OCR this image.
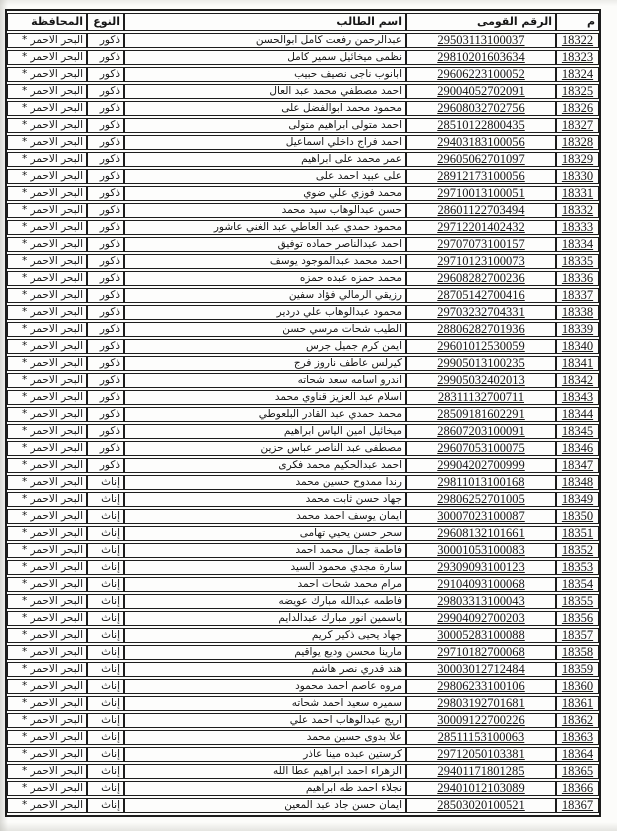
م	الرقم القومى	اسم الطالب	النوع	المحافظة
18322	29503113100037	عبدالرحمن رفعت كامل ابوالحسن	ذكور	البحر الاحمر *
18323	29810201603634	نظمى ميخائيل سمير كامل	ذكور	البحر الاحمر *
18324	29606223100052	ابانوب ناجى نصيف حبيب	ذكور	البحر الاحمر *
18325	29004052702091	احمد مصطفي محمد عبد العال	ذكور	البحر الاحمر *
18326	29608032702756	محمود محمد ابوالفضل على	ذكور	البحر الاحمر *
18327	28510122800435	احمد متولى ابراهيم متولى	ذكور	البحر الاحمر *
18328	29403183100056	احمد فراج داخلي اسماعيل	ذكور	البحر الاحمر *
18329	29605062701097	عمر محمد على ابراهيم	ذكور	البحر الاحمر *
18330	28912173100056	على عبيد احمد على	ذكور	البحر الاحمر *
18331	29710013100051	محمد فوزي علي ضوي	ذكور	البحر الاحمر *
18332	28601122703494	حسن عبدالوهاب سيد محمد	ذكور	البحر الاحمر *
18333	29712201402432	محمود حمدي عبد العاطي عبد الغني عاشور	ذكور	البحر الاحمر *
18334	29707073100157	احمد عبدالناصر حماده توفيق	ذكور	البحر الاحمر *
18335	29710123100073	احمد محمد عبدالموجود يوسف	ذكور	البحر الاحمر *
18336	29608282700236	محمد حمزه عبده حمزه	ذكور	البحر الاحمر *
18337	28705142700416	رزيقي الرمالي فؤاد سفين	ذكور	البحر الاحمر *
18338	29703232704331	محمود عبدالوهاب علي دردير	ذكور	البحر الاحمر *
18339	28806282701936	الطيب شحات مرسي حسن	ذكور	البحر الاحمر *
18340	29601012530059	ايمن كرم جميل جرس	ذكور	البحر الاحمر *
18341	29905013100235	كيرلس عاطف ناروز فرج	ذكور	البحر الاحمر *
18342	29905032402013	اندرو اسامه سعد شحاته	ذكور	البحر الاحمر *
18343	28311132700711	اسلام عبد العزيز قناوي محمد	ذكور	البحر الاحمر *
18344	28509181602291	محمد حمدي عبد القادر البلعوطي	ذكور	البحر الاحمر *
18345	28607203100091	ميخائيل امين الياس ابراهيم	ذكور	البحر الاحمر *
18346	29607053100075	مصطفى عبد الناصر عباس حزين	ذكور	البحر الاحمر *
18347	29904202700999	احمد عبدالحكيم محمد فكرى	ذكور	البحر الاحمر *
18348	29811013100168	رندا ممدوح حسين محمد	إناث	البحر الاحمر *
18349	29806252701005	جهاد حسن ثابت محمد	إناث	البحر الاحمر *
18350	30007023100087	ايمان يوسف احمد محمد	إناث	البحر الاحمر *
18351	29608132101661	سحر حسن يحيي تهامى	إناث	البحر الاحمر *
18352	30001053100083	فاطمة جمال محمد احمد	إناث	البحر الاحمر *
18353	29309093100123	سارة مجدي محمود السيد	إناث	البحر الاحمر *
18354	29104093100068	مرام محمد شحات احمد	إناث	البحر الاحمر *
18355	29803313100043	فاطمه عبدالله مبارك عويضه	إناث	البحر الاحمر *
18356	29904092700203	ياسمين انور مبارك عبدالدايم	إناث	البحر الاحمر *
18357	30005283100088	جهاد يحيى ذكير كريم	إناث	البحر الاحمر *
18358	29710182700068	مارينا محسن وديع يواقيم	إناث	البحر الاحمر *
18359	30003012712484	هند قدري نصر هاشم	إناث	البحر الاحمر *
18360	29806233100106	مروه عاصم احمد محمود	إناث	البحر الاحمر *
18361	29803192701681	سميره سعيد احمد شحاته	إناث	البحر الاحمر *
18362	30009122700226	اريج عبدالوهاب احمد علي	إناث	البحر الاحمر *
18363	28511153100063	علا بدوى حسين محمد	إناث	البحر الاحمر *
18364	29712050103381	كرستين عبده مينا عاذر	إناث	البحر الاحمر *
18365	29401171801285	الزهراء احمد ابراهيم عطا الله	إناث	البحر الاحمر *
18366	29401012103089	نجلاء احمد طه ابراهيم	إناث	البحر الاحمر *
18367	28503020100521	ايمان حسن جاد عبد المعين	إناث	البحر الاحمر *
